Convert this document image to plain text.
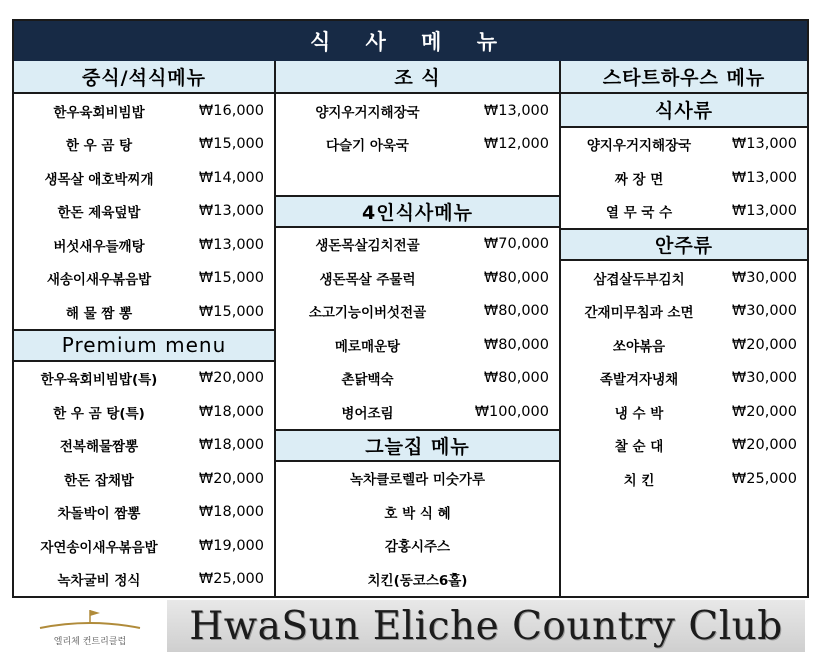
식 사 메 뉴
중식/석식메뉴
한우육회비빔밥	₩16,000
한 우 곰 탕	₩15,000
생목살 애호박찌개	₩14,000
한돈 제육덮밥	₩13,000
버섯새우들깨탕	₩13,000
새송이새우볶음밥	₩15,000
해 물 짬 뽕	₩15,000
Premium menu
한우육회비빔밥(특)	₩20,000
한 우 곰 탕(특)	₩18,000
전복해물짬뽕	₩18,000
한돈 잡채밥	₩20,000
차돌박이 짬뽕	₩18,000
자연송이새우볶음밥	₩19,000
녹차굴비 정식	₩25,000
조 식
양지우거지해장국	₩13,000
다슬기 아욱국	₩12,000
4인식사메뉴
생돈목살김치전골	₩70,000
생돈목살 주물럭	₩80,000
소고기능이버섯전골	₩80,000
메로매운탕	₩80,000
촌닭백숙	₩80,000
병어조림	₩100,000
그늘집 메뉴
녹차클로렐라 미숫가루
호 박 식 혜
감홍시주스
치킨(동코스6홀)
스타트하우스 메뉴
식사류
양지우거지해장국	₩13,000
짜 장 면	₩13,000
열 무 국 수	₩13,000
안주류
삼겹살두부김치	₩30,000
간재미무침과 소면	₩30,000
쏘야볶음	₩20,000
족발겨자냉채	₩30,000
냉 수 박	₩20,000
찰 순 대	₩20,000
치 킨	₩25,000
엘리체 컨트리클럽	HwaSun Eliche Country Club
